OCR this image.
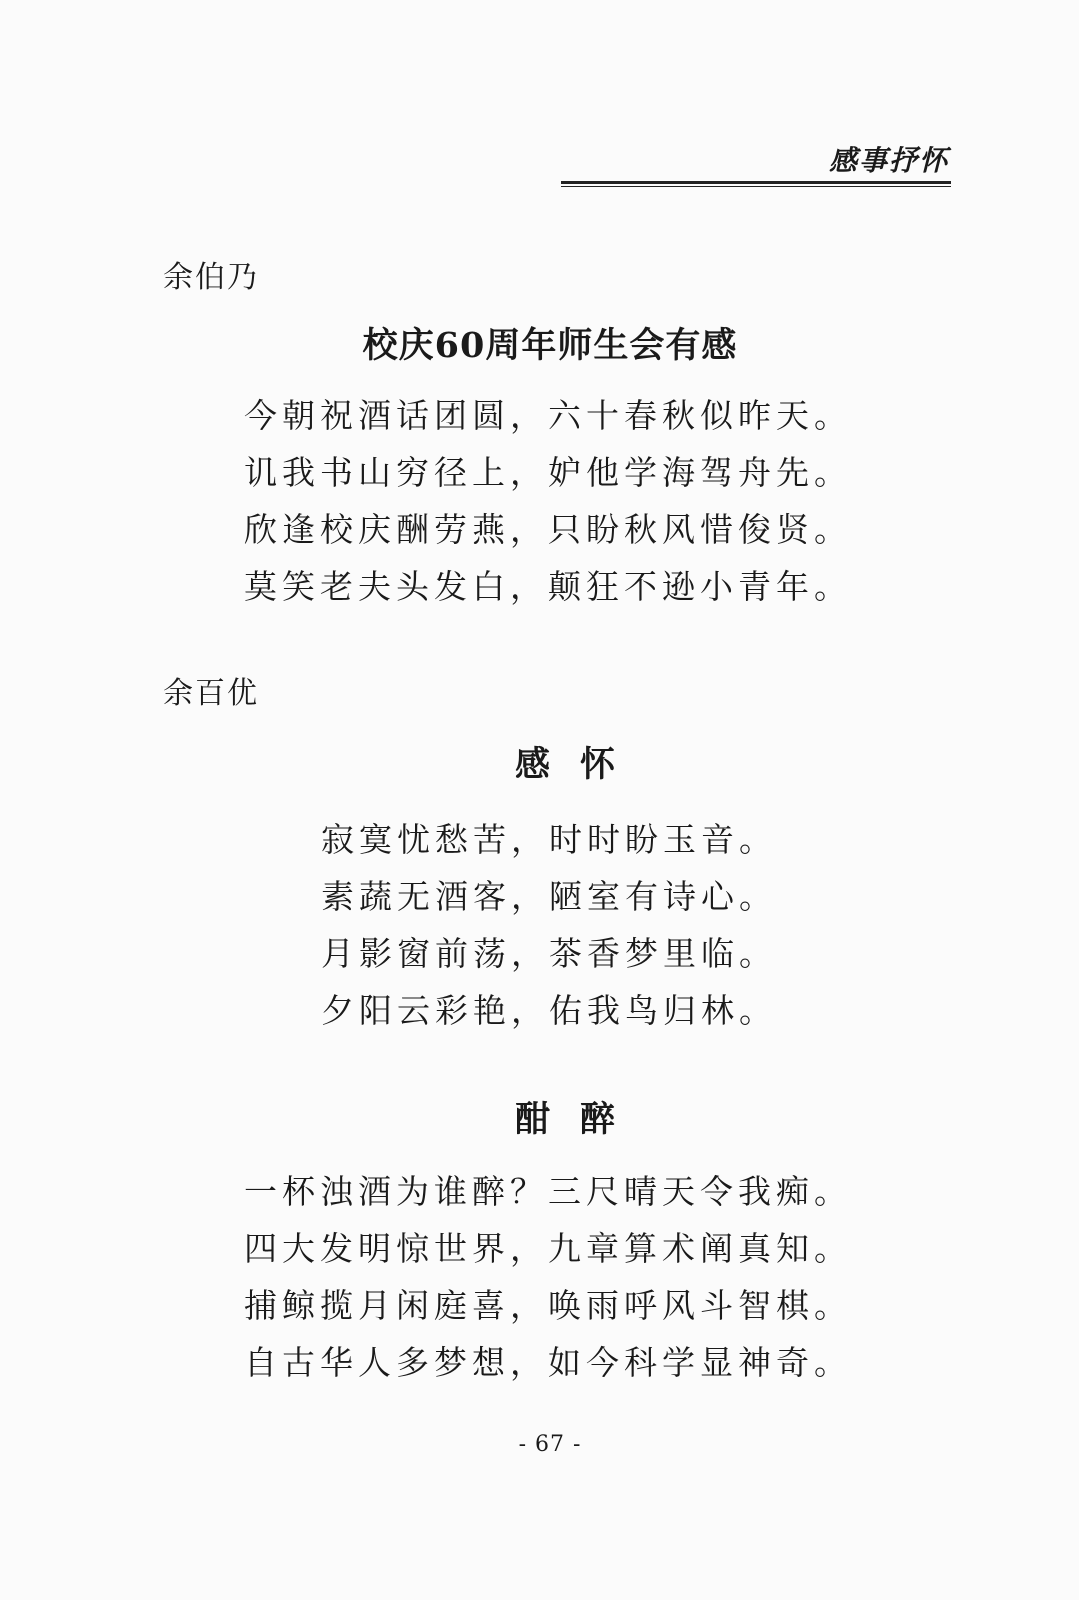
感事抒怀
余伯乃
校庆60周年师生会有感
今朝祝酒话团圆，六十春秋似昨天。
讥我书山穷径上，妒他学海驾舟先。
欣逢校庆酬劳燕，只盼秋风惜俊贤。
莫笑老夫头发白，颠狂不逊小青年。
余百优
感怀
寂寞忧愁苦，时时盼玉音。
素蔬无酒客，陋室有诗心。
月影窗前荡，茶香梦里临。
夕阳云彩艳，佑我鸟归林。
酣醉
一杯浊酒为谁醉？三尺晴天令我痴。
四大发明惊世界，九章算术阐真知。
捕鲸揽月闲庭喜，唤雨呼风斗智棋。
自古华人多梦想，如今科学显神奇。
- 67 -
